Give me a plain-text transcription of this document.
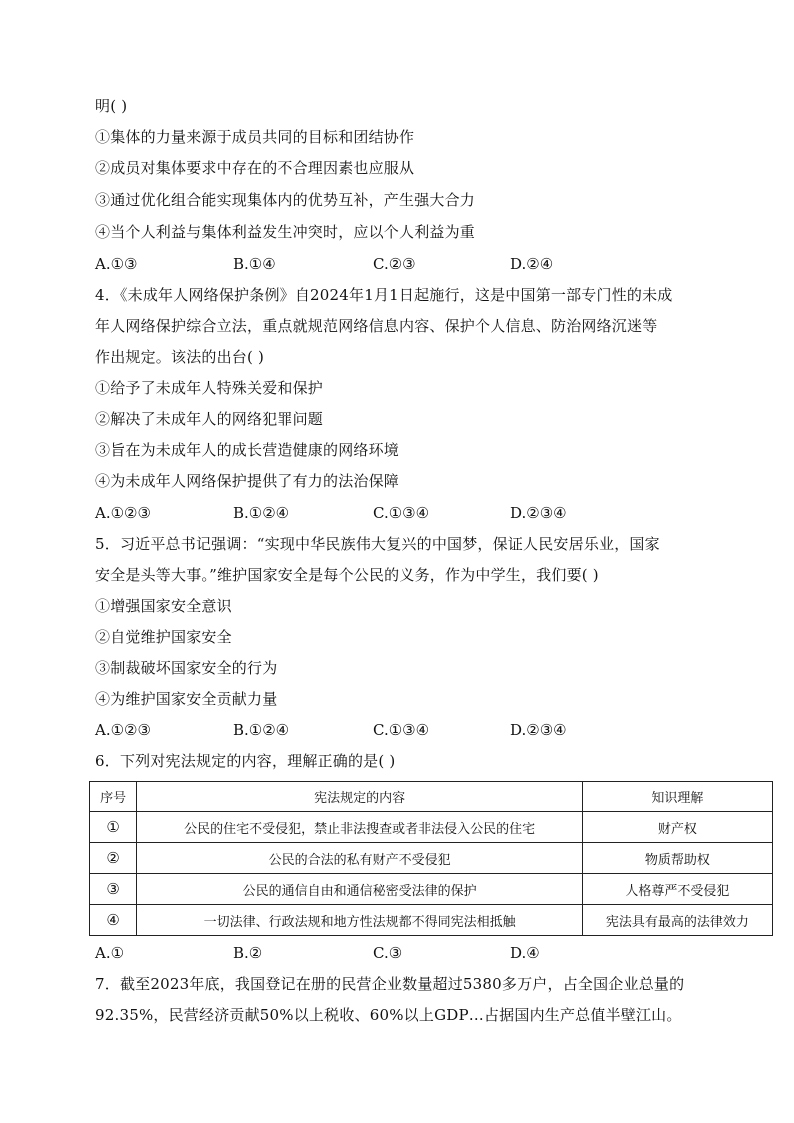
明( )
①集体的力量来源于成员共同的目标和团结协作
②成员对集体要求中存在的不合理因素也应服从
③通过优化组合能实现集体内的优势互补，产生强大合力
④当个人利益与集体利益发生冲突时，应以个人利益为重
A.①③	B.①④	C.②③	D.②④
4．《未成年人网络保护条例》自2024年1月1日起施行，这是中国第一部专门性的未成
年人网络保护综合立法，重点就规范网络信息内容、保护个人信息、防治网络沉迷等
作出规定。该法的出台( )
①给予了未成年人特殊关爱和保护
②解决了未成年人的网络犯罪问题
③旨在为未成年人的成长营造健康的网络环境
④为未成年人网络保护提供了有力的法治保障
A.①②③	B.①②④	C.①③④	D.②③④
5．习近平总书记强调：“实现中华民族伟大复兴的中国梦，保证人民安居乐业，国家
安全是头等大事。”维护国家安全是每个公民的义务，作为中学生，我们要( )
①增强国家安全意识
②自觉维护国家安全
③制裁破坏国家安全的行为
④为维护国家安全贡献力量
A.①②③	B.①②④	C.①③④	D.②③④
6．下列对宪法规定的内容，理解正确的是( )
序号	宪法规定的内容	知识理解
①	公民的住宅不受侵犯，禁止非法搜查或者非法侵入公民的住宅	财产权
②	公民的合法的私有财产不受侵犯	物质帮助权
③	公民的通信自由和通信秘密受法律的保护	人格尊严不受侵犯
④	一切法律、行政法规和地方性法规都不得同宪法相抵触	宪法具有最高的法律效力
A.①	B.②	C.③	D.④
7．截至2023年底，我国登记在册的民营企业数量超过5380多万户，占全国企业总量的
92.35%，民营经济贡献50%以上税收、60%以上GDP…占据国内生产总值半壁江山。
